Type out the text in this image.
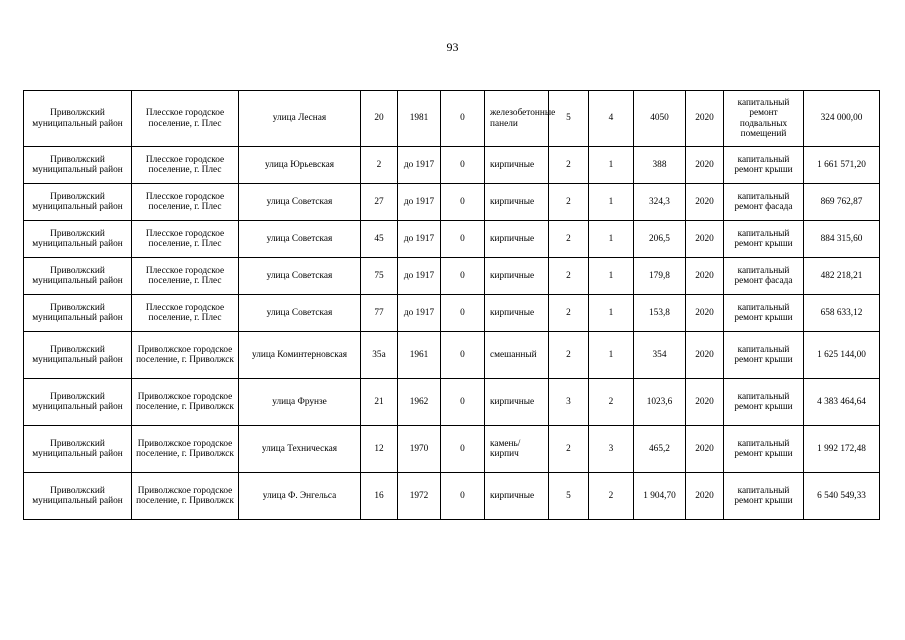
93
Приволжский муниципальный район	Плесское городское поселение, г. Плес	улица Лесная	20	1981	0	железобетонные панели	5	4	4050	2020	капитальный ремонт подвальных помещений	324 000,00
Приволжский муниципальный район	Плесское городское поселение, г. Плес	улица Юрьевская	2	до 1917	0	кирпичные	2	1	388	2020	капитальный ремонт крыши	1 661 571,20
Приволжский муниципальный район	Плесское городское поселение, г. Плес	улица Советская	27	до 1917	0	кирпичные	2	1	324,3	2020	капитальный ремонт фасада	869 762,87
Приволжский муниципальный район	Плесское городское поселение, г. Плес	улица Советская	45	до 1917	0	кирпичные	2	1	206,5	2020	капитальный ремонт крыши	884 315,60
Приволжский муниципальный район	Плесское городское поселение, г. Плес	улица Советская	75	до 1917	0	кирпичные	2	1	179,8	2020	капитальный ремонт фасада	482 218,21
Приволжский муниципальный район	Плесское городское поселение, г. Плес	улица Советская	77	до 1917	0	кирпичные	2	1	153,8	2020	капитальный ремонт крыши	658 633,12
Приволжский муниципальный район	Приволжское городское поселение, г. Приволжск	улица Коминтерновская	35а	1961	0	смешанный	2	1	354	2020	капитальный ремонт крыши	1 625 144,00
Приволжский муниципальный район	Приволжское городское поселение, г. Приволжск	улица Фрунзе	21	1962	0	кирпичные	3	2	1023,6	2020	капитальный ремонт крыши	4 383 464,64
Приволжский муниципальный район	Приволжское городское поселение, г. Приволжск	улица Техническая	12	1970	0	камень/кирпич	2	3	465,2	2020	капитальный ремонт крыши	1 992 172,48
Приволжский муниципальный район	Приволжское городское поселение, г. Приволжск	улица Ф. Энгельса	16	1972	0	кирпичные	5	2	1 904,70	2020	капитальный ремонт крыши	6 540 549,33
